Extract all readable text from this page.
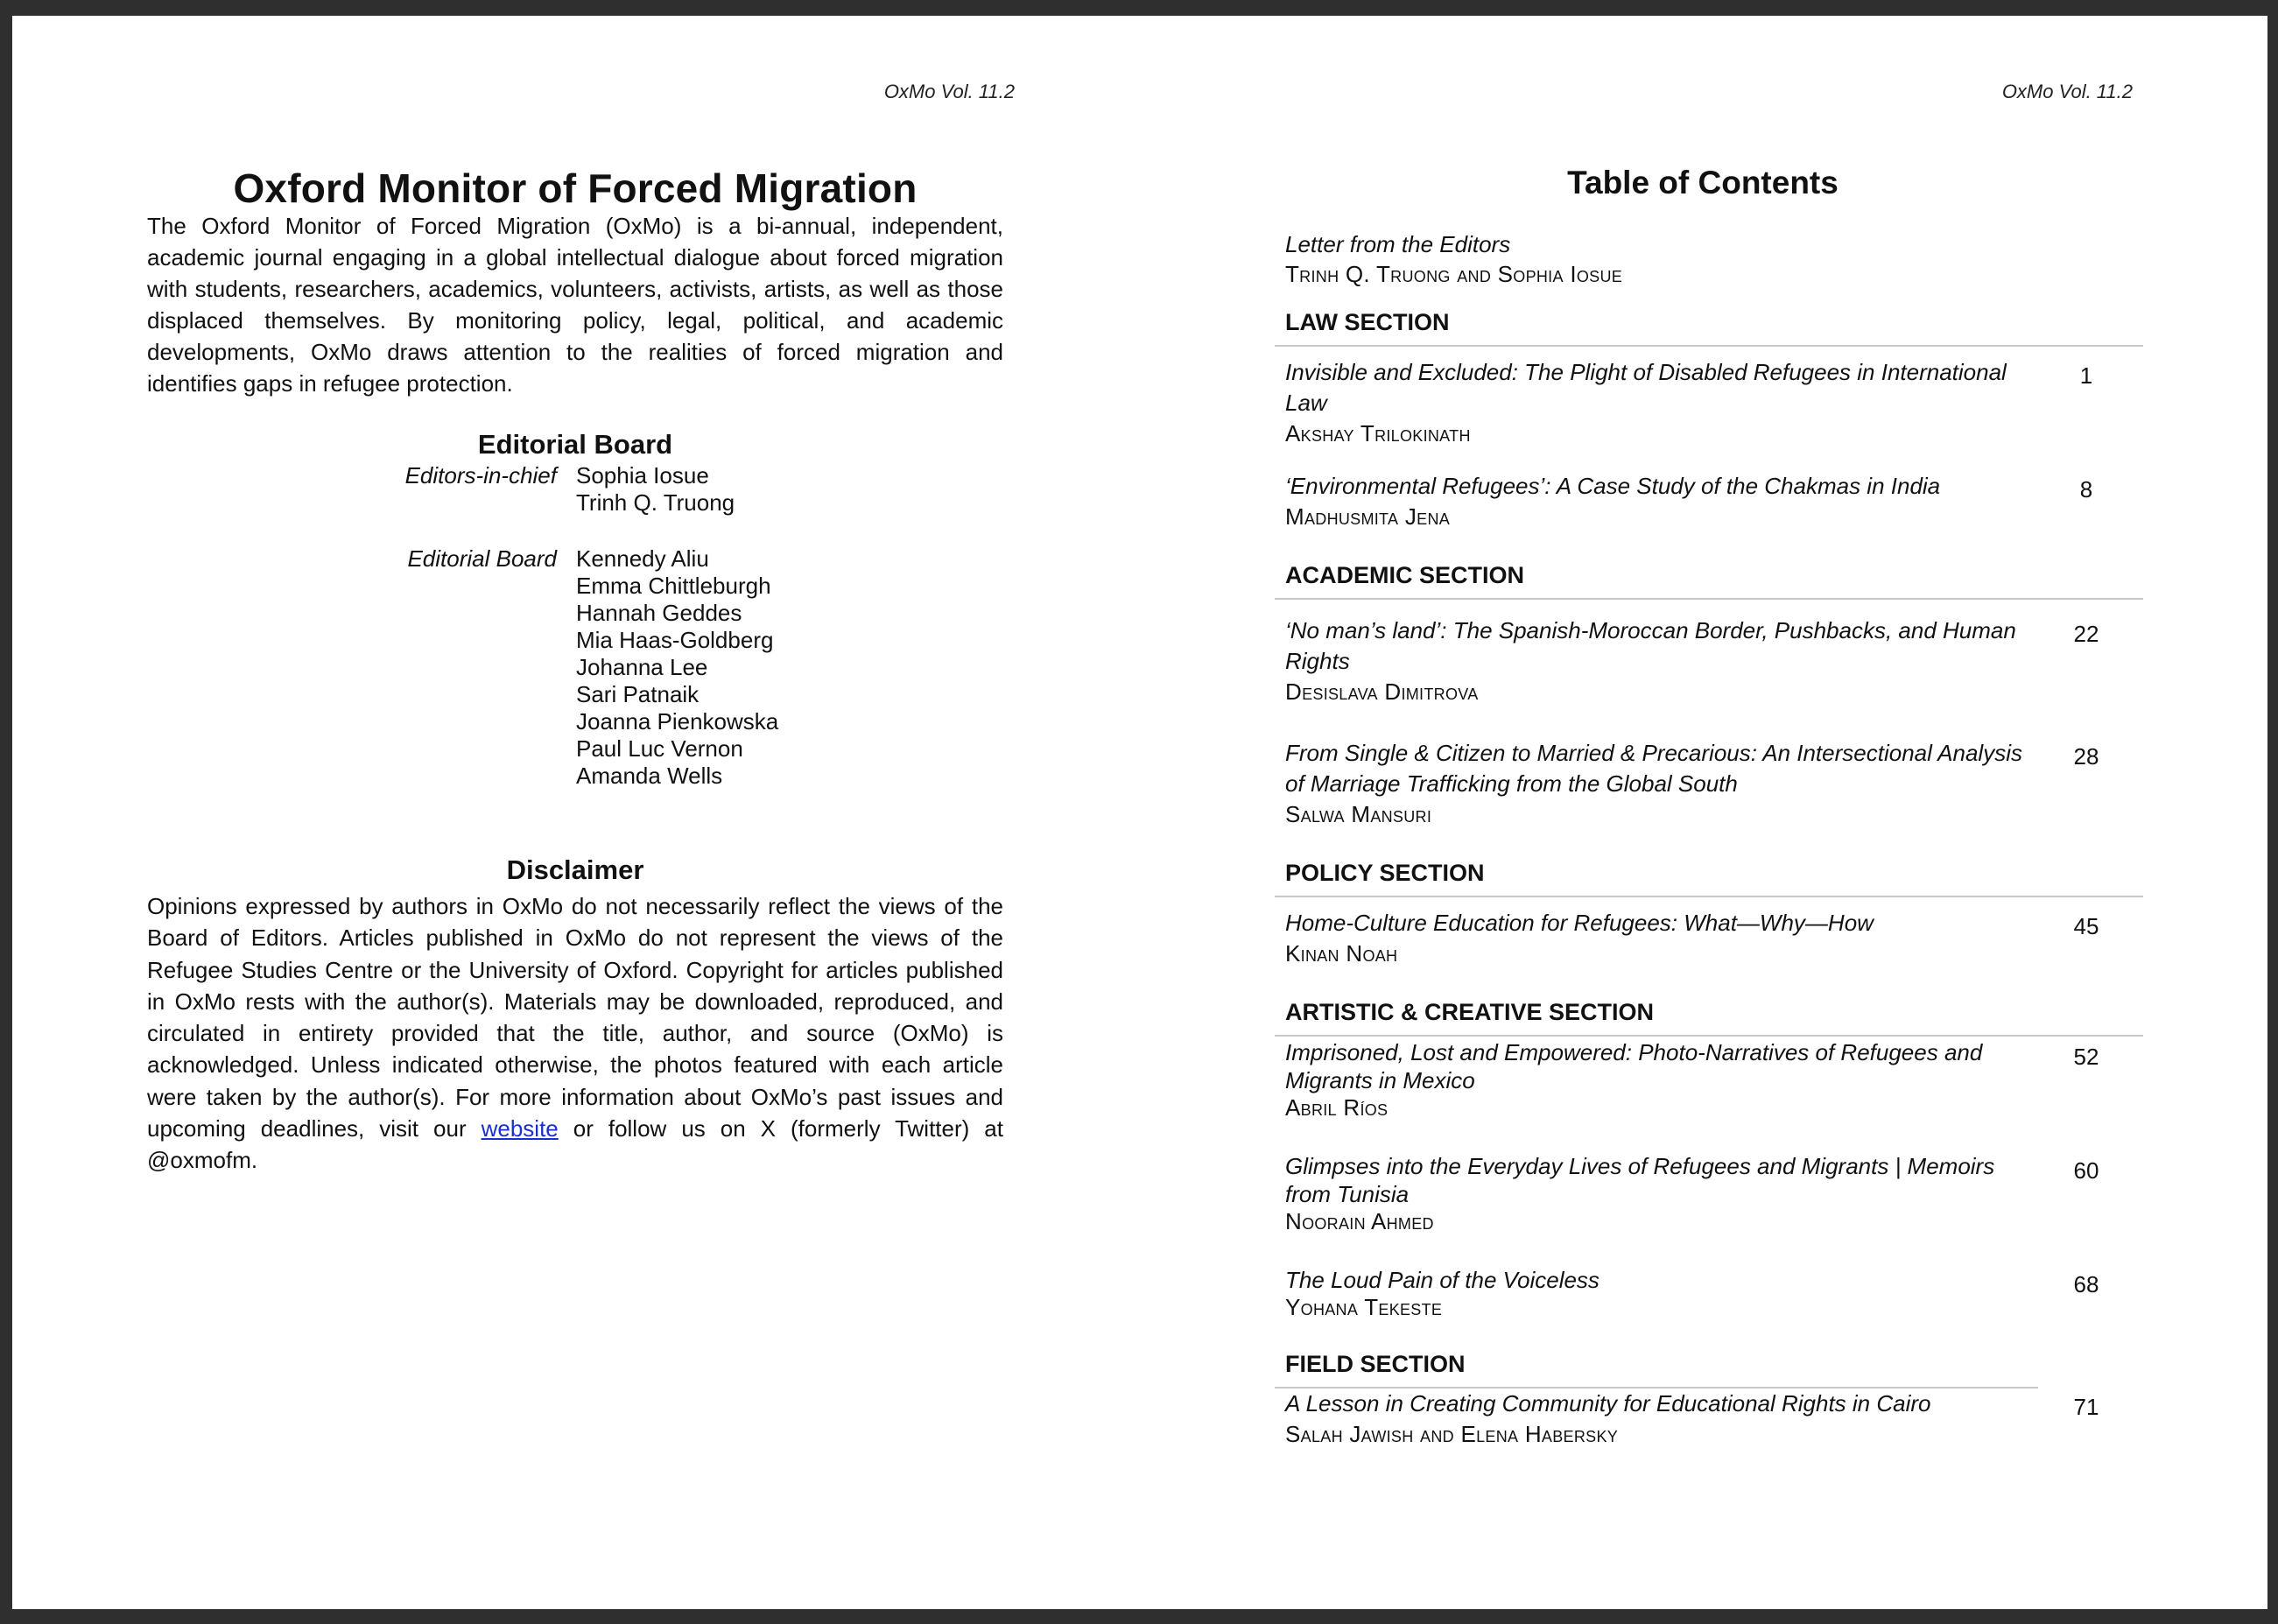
OxMo Vol. 11.2
Oxford Monitor of Forced Migration

The Oxford Monitor of Forced Migration (OxMo) is a bi-annual, independent, academic journal engaging in a global intellectual dialogue about forced migration with students, researchers, academics, volunteers, activists, artists, as well as those displaced themselves. By monitoring policy, legal, political, and academic developments, OxMo draws attention to the realities of forced migration and identifies gaps in refugee protection.

Editorial Board
Editors-in-chief Sophia Iosue
Trinh Q. Truong
Editorial Board Kennedy Aliu
Emma Chittleburgh
Hannah Geddes
Mia Haas-Goldberg
Johanna Lee
Sari Patnaik
Joanna Pienkowska
Paul Luc Vernon
Amanda Wells
Disclaimer

Opinions expressed by authors in OxMo do not necessarily reflect the views of the Board of Editors. Articles published in OxMo do not represent the views of the Refugee Studies Centre or the University of Oxford. Copyright for articles published in OxMo rests with the author(s). Materials may be downloaded, reproduced, and circulated in entirety provided that the title, author, and source (OxMo) is acknowledged. Unless indicated otherwise, the photos featured with each article were taken by the author(s). For more information about OxMo’s past issues and upcoming deadlines, visit our website or follow us on X (formerly Twitter) at @oxmofm.

OxMo Vol. 11.2
Table of Contents
Letter from the Editors
Trinh Q. Truong and Sophia Iosue
LAW SECTION
Invisible and Excluded: The Plight of Disabled Refugees in International Law
Akshay Trilokinath
1
‘Environmental Refugees’: A Case Study of the Chakmas in India
Madhusmita Jena
8
ACADEMIC SECTION
‘No man’s land’: The Spanish-Moroccan Border, Pushbacks, and Human Rights
Desislava Dimitrova
22
From Single & Citizen to Married & Precarious: An Intersectional Analysis of Marriage Trafficking from the Global South
Salwa Mansuri
28
POLICY SECTION
Home-Culture Education for Refugees: What—Why—How
Kinan Noah
45
ARTISTIC & CREATIVE SECTION
Imprisoned, Lost and Empowered: Photo-Narratives of Refugees and Migrants in Mexico
Abril Ríos
52
Glimpses into the Everyday Lives of Refugees and Migrants | Memoirs from Tunisia
Noorain Ahmed
60
The Loud Pain of the Voiceless
Yohana Tekeste
68
FIELD SECTION
A Lesson in Creating Community for Educational Rights in Cairo
Salah Jawish and Elena Habersky
71
